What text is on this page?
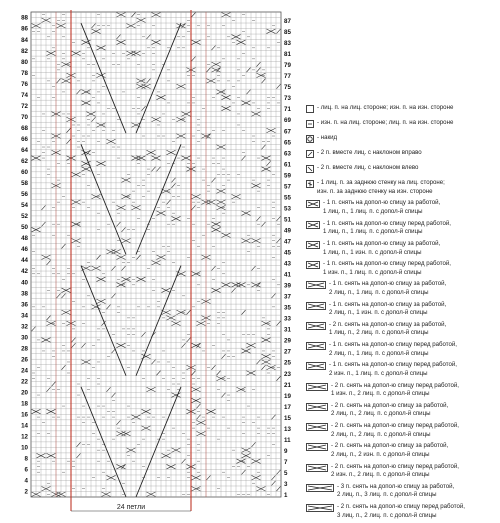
24 петли
88
86
84
82
80
78
76
74
72
70
68
66
64
62
60
58
56
54
52
50
48
46
44
42
40
38
36
34
32
30
28
26
24
22
20
18
16
14
12
10
8
6
4
2
87
85
83
81
79
77
75
73
71
69
67
65
63
61
59
57
55
53
51
49
47
45
43
41
39
37
35
33
31
29
27
25
23
21
19
17
15
13
11
9
7
5
3
1
- лиц. п. на лиц. стороне; изн. п. на изн. стороне
- изн. п. на лиц. стороне; лиц. п. на изн. стороне
- накид
- 2 п. вместе лиц. с наклоном вправо
- 2 п. вместе лиц. с наклоном влево
- 1 лиц. п. за заднюю стенку на лиц. стороне;
изн. п. за заднюю стенку на изн. стороне
- 1 п. снять на допол-ю спицу за работой,
1 лиц. п., 1 лиц. п. с допол-й спицы
- 1 п. снять на допол-ю спицу перед работой,
1 лиц. п., 1 лиц. п. с допол-й спицы
- 1 п. снять на допол-ю спицу за работой,
1 лиц. п., 1 изн. п. с допол-й спицы
- 1 п. снять на допол-ю спицу перед работой,
1 изн. п., 1 лиц. п. с допол-й спицы
- 1 п. снять на допол-ю спицу за работой,
2 лиц. п., 1 лиц. п. с допол-й спицы
- 1 п. снять на допол-ю спицу за работой,
2 лиц. п., 1 изн. п. с допол-й спицы
- 2 п. снять на допол-ю спицу за работой,
1 лиц. п., 2 лиц. п. с допол-й спицы
- 1 п. снять на допол-ю спицу перед работой,
2 лиц. п., 1 лиц. п. с допол-й спицы
- 1 п. снять на допол-ю спицу перед работой,
2 изн. п., 1 лиц. п. с допол-й спицы
- 2 п. снять на допол-ю спицу перед работой,
1 изн. п., 2 лиц. п. с допол-й спицы
- 2 п. снять на допол-ю спицу за работой,
2 лиц. п., 2 лиц. п. с допол-й спицы
- 2 п. снять на допол-ю спицу перед работой,
2 лиц. п., 2 лиц. п. с допол-й спицы
- 2 п. снять на допол-ю спицу за работой,
2 лиц. п., 2 изн. п. с допол-й спицы
- 2 п. снять на допол-ю спицу перед работой,
2 изн. п., 2 лиц. п. с допол-й спицы
- 3 п. снять на допол-ю спицу за работой,
2 лиц. п., 3 лиц. п. с допол-й спицы
- 2 п. снять на допол-ю спицу перед работой,
3 лиц. п., 2 лиц. п. с допол-й спицы
